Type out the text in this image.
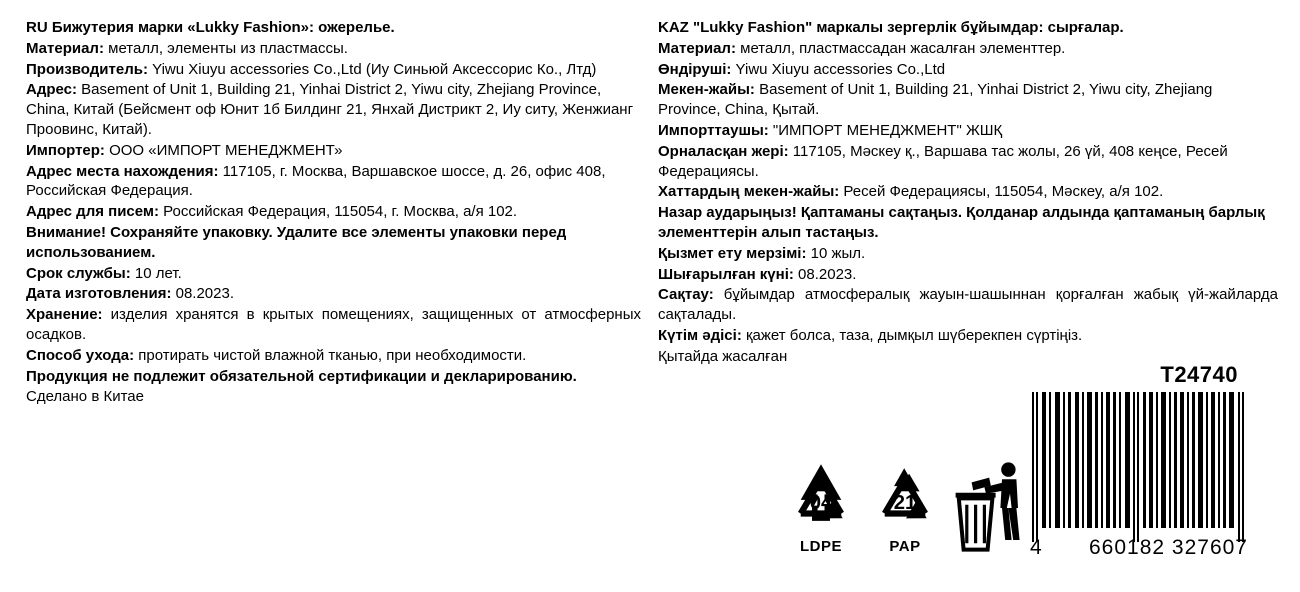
RU Бижутерия марки «Lukky Fashion»: ожерелье.

Материал: металл, элементы из пластмассы.

Производитель: Yiwu Xiuyu accessories Co.,Ltd (Иу Синьюй Аксессорис Ко., Лтд)

Адрес: Basement of Unit 1, Building 21, Yinhai District 2, Yiwu city, Zhejiang Province, China, Китай (Бейсмент оф Юнит 1б Билдинг 21, Янхай Дистрикт 2, Иу ситу, Женжианг Проовинс, Китай).

Импортер: ООО «ИМПОРТ МЕНЕДЖМЕНТ»

Адрес места нахождения: 117105, г. Москва, Варшавское шоссе, д. 26, офис 408, Российская Федерация.

Адрес для писем: Российская Федерация, 115054, г. Москва, а/я 102.

Внимание! Сохраняйте упаковку. Удалите все элементы упаковки перед использованием.

Срок службы: 10 лет.

Дата изготовления: 08.2023.

Хранение: изделия хранятся в крытых помещениях, защищенных от атмосферных осадков.

Способ ухода: протирать чистой влажной тканью, при необходимости.

Продукция не подлежит обязательной сертификации и декларированию.

Сделано в Китае

KAZ "Lukky Fashion" маркалы зергерлік бұйымдар: сырғалар.

Материал: металл, пластмассадан жасалған элементтер.

Өндіруші: Yiwu Xiuyu accessories Co.,Ltd

Мекен-жайы: Basement of Unit 1, Building 21, Yinhai District 2, Yiwu city, Zhejiang Province, China, Қытай.

Импорттаушы: "ИМПОРТ МЕНЕДЖМЕНТ" ЖШҚ

Орналасқан жері: 117105, Мәскеу қ., Варшава тас жолы, 26 үй, 408 кеңсе, Ресей Федерациясы.

Хаттардың мекен-жайы: Ресей Федерациясы, 115054, Мәскеу, а/я 102.

Назар аударыңыз! Қаптаманы сақтаңыз. Қолданар алдында қаптаманың барлық элементтерін алып тастаңыз.

Қызмет ету мерзімі: 10 жыл.

Шығарылған күні: 08.2023.

Сақтау: бұйымдар атмосфералық жауын-шашыннан қорғалған жабық үй-жайларда сақталады.

Күтім әдісі: қажет болса, таза, дымқыл шүберекпен сүртіңіз.

Қытайда жасалған

T24740
04
LDPE
21
PAP	4 660182 327607
